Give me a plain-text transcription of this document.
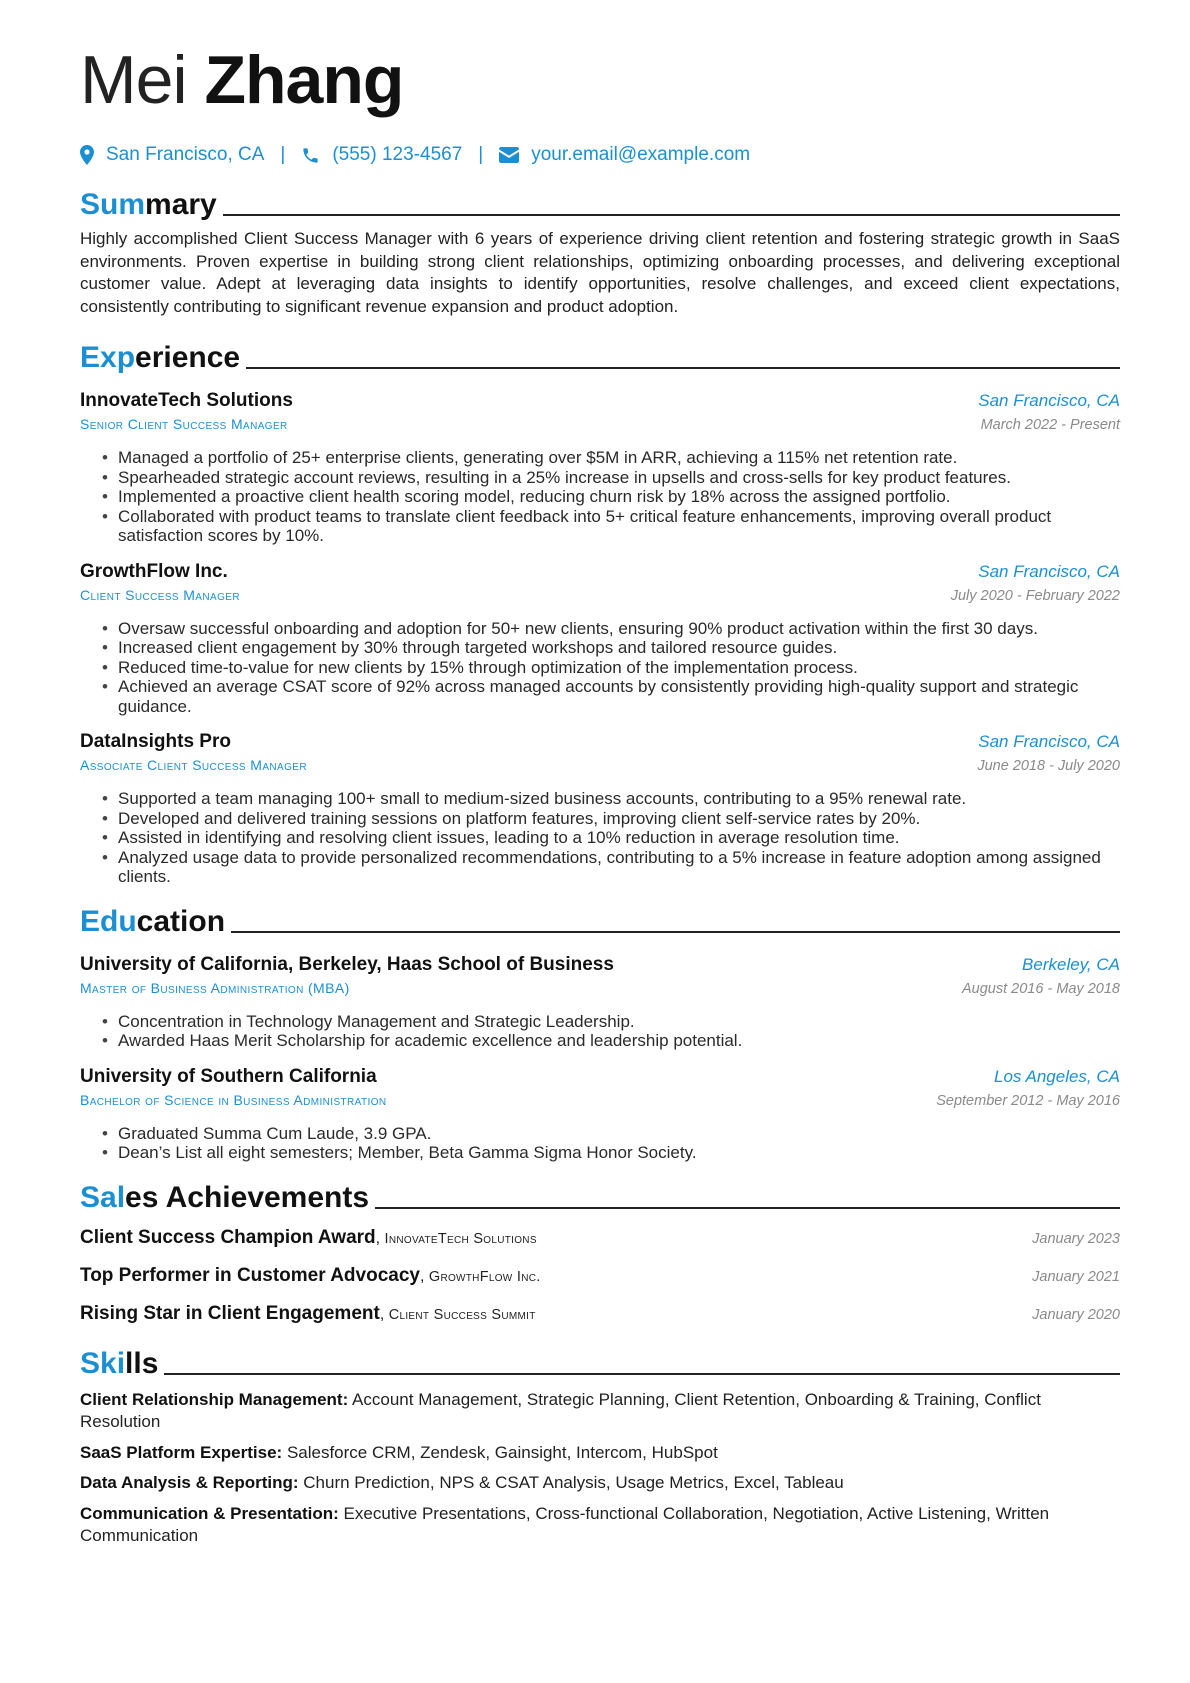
Mei Zhang
San Francisco, CA | (555) 123-4567 |	your.email@example.com
Summary

Highly accomplished Client Success Manager with 6 years of experience driving client retention and fostering strategic growth in SaaS environments. Proven expertise in building strong client relationships, optimizing onboarding processes, and delivering exceptional customer value. Adept at leveraging data insights to identify opportunities, resolve challenges, and exceed client expectations, consistently contributing to significant revenue expansion and product adoption.

Experience
InnovateTech Solutions	San Francisco, CA
Senior Client Success Manager	March 2022 - Present
• Managed a portfolio of 25+ enterprise clients, generating over $5M in ARR, achieving a 115% net retention rate.
• Spearheaded strategic account reviews, resulting in a 25% increase in upsells and cross-sells for key product features.
• Implemented a proactive client health scoring model, reducing churn risk by 18% across the assigned portfolio.
• Collaborated with product teams to translate client feedback into 5+ critical feature enhancements, improving overall product satisfaction scores by 10%.
GrowthFlow Inc.	San Francisco, CA
Client Success Manager	July 2020 - February 2022
• Oversaw successful onboarding and adoption for 50+ new clients, ensuring 90% product activation within the first 30 days.
• Increased client engagement by 30% through targeted workshops and tailored resource guides.
• Reduced time-to-value for new clients by 15% through optimization of the implementation process.
• Achieved an average CSAT score of 92% across managed accounts by consistently providing high-quality support and strategic guidance.
DataInsights Pro	San Francisco, CA
Associate Client Success Manager	June 2018 - July 2020
• Supported a team managing 100+ small to medium-sized business accounts, contributing to a 95% renewal rate.
• Developed and delivered training sessions on platform features, improving client self-service rates by 20%.
• Assisted in identifying and resolving client issues, leading to a 10% reduction in average resolution time.
• Analyzed usage data to provide personalized recommendations, contributing to a 5% increase in feature adoption among assigned clients.
Education
University of California, Berkeley, Haas School of Business	Berkeley, CA
Master of Business Administration (MBA)	August 2016 - May 2018
• Concentration in Technology Management and Strategic Leadership.
• Awarded Haas Merit Scholarship for academic excellence and leadership potential.
University of Southern California	Los Angeles, CA
Bachelor of Science in Business Administration	September 2012 - May 2016
• Graduated Summa Cum Laude, 3.9 GPA.
• Dean’s List all eight semesters; Member, Beta Gamma Sigma Honor Society.
Sales Achievements
Client Success Champion Award, InnovateTech Solutions	January 2023
Top Performer in Customer Advocacy, GrowthFlow Inc.	January 2021
Rising Star in Client Engagement, Client Success Summit	January 2020
Skills
Client Relationship Management: Account Management, Strategic Planning, Client Retention, Onboarding & Training, Conflict Resolution
SaaS Platform Expertise: Salesforce CRM, Zendesk, Gainsight, Intercom, HubSpot
Data Analysis & Reporting: Churn Prediction, NPS & CSAT Analysis, Usage Metrics, Excel, Tableau
Communication & Presentation: Executive Presentations, Cross-functional Collaboration, Negotiation, Active Listening, Written Communication
